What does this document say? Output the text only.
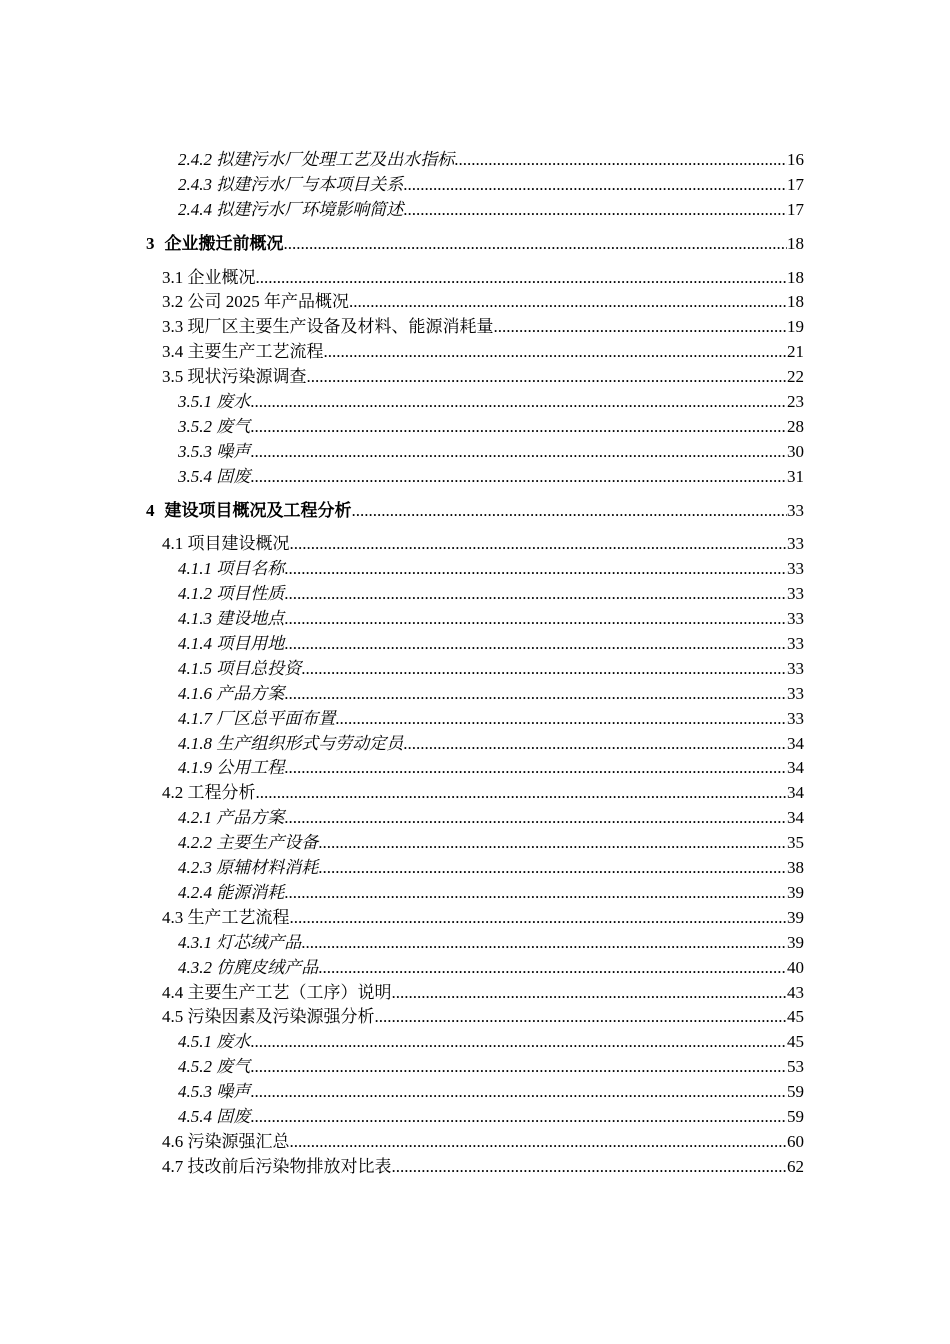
2.4.2 拟建污水厂处理工艺及出水指标 .....	16
2.4.3 拟建污水厂与本项目关系 .....	17
2.4.4 拟建污水厂环境影响简述 .....	17
3 企业搬迁前概况 .....	18
3.1 企业概况 .....	18
3.2 公司 2025 年产品概况 .....	18
3.3 现厂区主要生产设备及材料、能源消耗量 .....	19
3.4 主要生产工艺流程 .....	21
3.5 现状污染源调查 .....	22
3.5.1 废水 .....	23
3.5.2 废气 .....	28
3.5.3 噪声 .....	30
3.5.4 固废 .....	31
4 建设项目概况及工程分析 .....	33
4.1 项目建设概况 .....	33
4.1.1 项目名称 .....	33
4.1.2 项目性质 .....	33
4.1.3 建设地点 .....	33
4.1.4 项目用地 .....	33
4.1.5 项目总投资 .....	33
4.1.6 产品方案 .....	33
4.1.7 厂区总平面布置 .....	33
4.1.8 生产组织形式与劳动定员 .....	34
4.1.9 公用工程 .....	34
4.2 工程分析 .....	34
4.2.1 产品方案 .....	34
4.2.2 主要生产设备 .....	35
4.2.3 原辅材料消耗 .....	38
4.2.4 能源消耗 .....	39
4.3 生产工艺流程 .....	39
4.3.1 灯芯绒产品 .....	39
4.3.2 仿麂皮绒产品 .....	40
4.4 主要生产工艺（工序）说明 .....	43
4.5 污染因素及污染源强分析 .....	45
4.5.1 废水 .....	45
4.5.2 废气 .....	53
4.5.3 噪声 .....	59
4.5.4 固废 .....	59
4.6 污染源强汇总 .....	60
4.7 技改前后污染物排放对比表 .....	62
